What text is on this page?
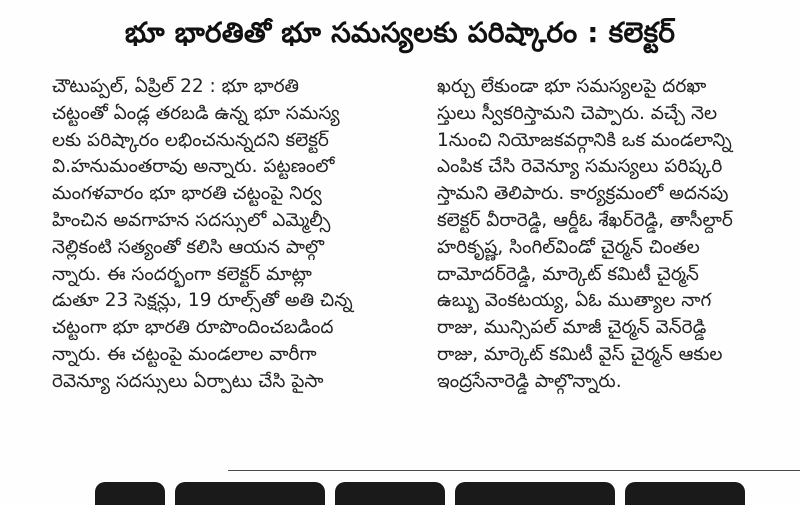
భూ భారతితో భూ సమస్యలకు పరిష్కారం : కలెక్టర్
చౌటుప్పల్, ఏప్రిల్ 22 : భూ భారతి
చట్టంతో ఏండ్ల తరబడి ఉన్న భూ సమస్య
లకు పరిష్కారం లభించనున్నదని కలెక్టర్
వి.హనుమంతరావు అన్నారు. పట్టణంలో
మంగళవారం భూ భారతి చట్టంపై నిర్వ
హించిన అవగాహన సదస్సులో ఎమ్మెల్సీ
నెల్లికంటి సత్యంతో కలిసి ఆయన పాల్గొ
న్నారు. ఈ సందర్భంగా కలెక్టర్ మాట్లా
డుతూ 23 సెక్షన్లు, 19 రూల్స్‌తో అతి చిన్న
చట్టంగా భూ భారతి రూపొందించబడింద
న్నారు. ఈ చట్టంపై మండలాల వారీగా
రెవెన్యూ సదస్సులు ఏర్పాటు చేసి పైసా
ఖర్చు లేకుండా భూ సమస్యలపై దరఖా
స్తులు స్వీకరిస్తామని చెప్పారు. వచ్చే నెల
1నుంచి నియోజకవర్గానికి ఒక మండలాన్ని
ఎంపిక చేసి రెవెన్యూ సమస్యలు పరిష్కరి
స్తామని తెలిపారు. కార్యక్రమంలో అదనపు
కలెక్టర్ వీరారెడ్డి, ఆర్డీఓ శేఖర్‌రెడ్డి, తాసీల్దార్
హరికృష్ణ, సింగిల్‌విండో చైర్మన్ చింతల
దామోదర్‌రెడ్డి, మార్కెట్ కమిటీ చైర్మన్
ఉబ్బు వెంకటయ్య, ఏఓ ముత్యాల నాగ
రాజు, మున్సిపల్ మాజీ చైర్మన్ వెన్‌రెడ్డి
రాజు, మార్కెట్ కమిటీ వైస్ చైర్మన్ ఆకుల
ఇంద్రసేనారెడ్డి పాల్గొన్నారు.
